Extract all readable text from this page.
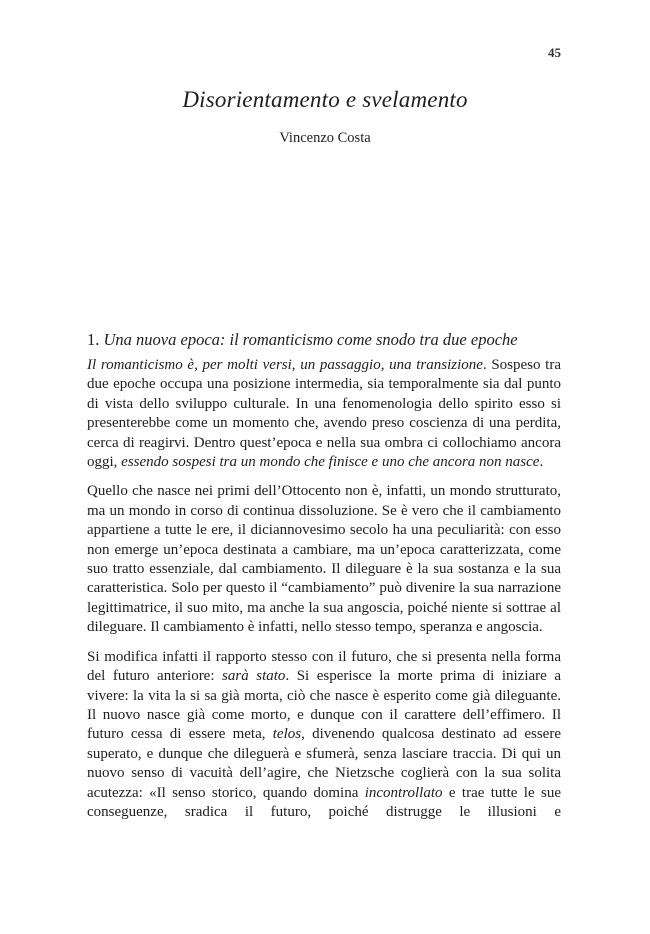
45
Disorientamento e svelamento
Vincenzo Costa
1. Una nuova epoca: il romanticismo come snodo tra due epoche

Il romanticismo è, per molti versi, un passaggio, una transizione. Sospeso tra due epoche occupa una posizione intermedia, sia temporalmente sia dal punto di vista dello sviluppo culturale. In una fenomenologia dello spirito esso si presenterebbe come un momento che, avendo preso coscienza di una perdita, cerca di reagirvi. Dentro quest’epoca e nella sua ombra ci collochiamo ancora oggi, essendo sospesi tra un mondo che finisce e uno che ancora non nasce.

Quello che nasce nei primi dell’Ottocento non è, infatti, un mondo strutturato, ma un mondo in corso di continua dissoluzione. Se è vero che il cambiamento appartiene a tutte le ere, il diciannovesimo secolo ha una peculiarità: con esso non emerge un’epoca destinata a cambiare, ma un’epoca caratterizzata, come suo tratto essenziale, dal cambiamento. Il dileguare è la sua sostanza e la sua caratteristica. Solo per questo il “cambiamento” può divenire la sua narrazione legittimatrice, il suo mito, ma anche la sua angoscia, poiché niente si sottrae al dileguare. Il cambiamento è infatti, nello stesso tempo, speranza e angoscia.

Si modifica infatti il rapporto stesso con il futuro, che si presenta nella forma del futuro anteriore: sarà stato. Si esperisce la morte prima di iniziare a vivere: la vita la si sa già morta, ciò che nasce è esperito come già dileguante. Il nuovo nasce già come morto, e dunque con il carattere dell’effimero. Il futuro cessa di essere meta, telos, divenendo qualcosa destinato ad essere superato, e dunque che dileguerà e sfumerà, senza lasciare traccia. Di qui un nuovo senso di vacuità dell’agire, che Nietzsche coglierà con la sua solita acutezza: «Il senso storico, quando domina incontrollato e trae tutte le sue conseguenze, sradica il futuro, poiché distrugge le illusioni e
